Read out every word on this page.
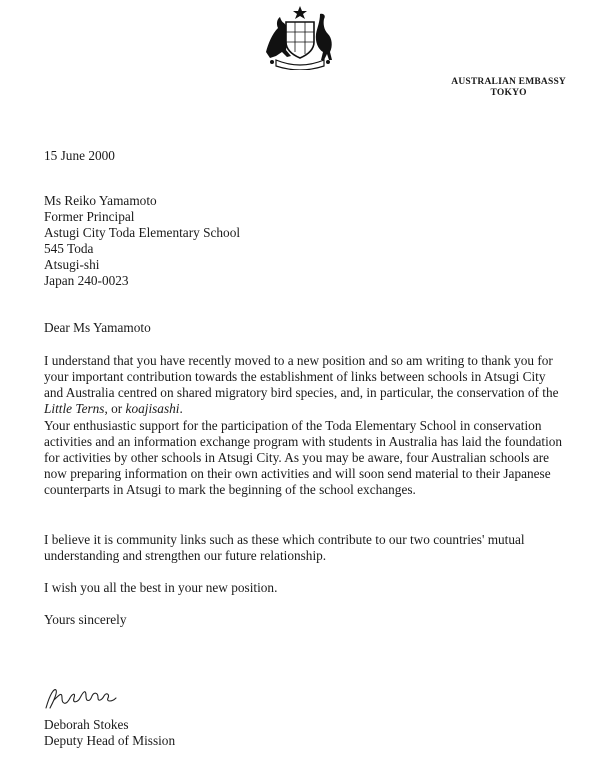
AUSTRALIAN EMBASSY
TOKYO
15 June 2000
Ms Reiko Yamamoto
Former Principal
Astugi City Toda Elementary School
545 Toda
Atsugi-shi
Japan 240-0023
Dear Ms Yamamoto
I understand that you have recently moved to a new position and so am writing to thank you for your important contribution towards the establishment of links between schools in Atsugi City and Australia centred on shared migratory bird species, and, in particular, the conservation of the Little Terns, or koajisashi.
Your enthusiastic support for the participation of the Toda Elementary School in conservation activities and an information exchange program with students in Australia has laid the foundation for activities by other schools in Atsugi City. As you may be aware, four Australian schools are now preparing information on their own activities and will soon send material to their Japanese counterparts in Atsugi to mark the beginning of the school exchanges.
I believe it is community links such as these which contribute to our two countries' mutual understanding and strengthen our future relationship.
I wish you all the best in your new position.
Yours sincerely
Deborah Stokes
Deputy Head of Mission
